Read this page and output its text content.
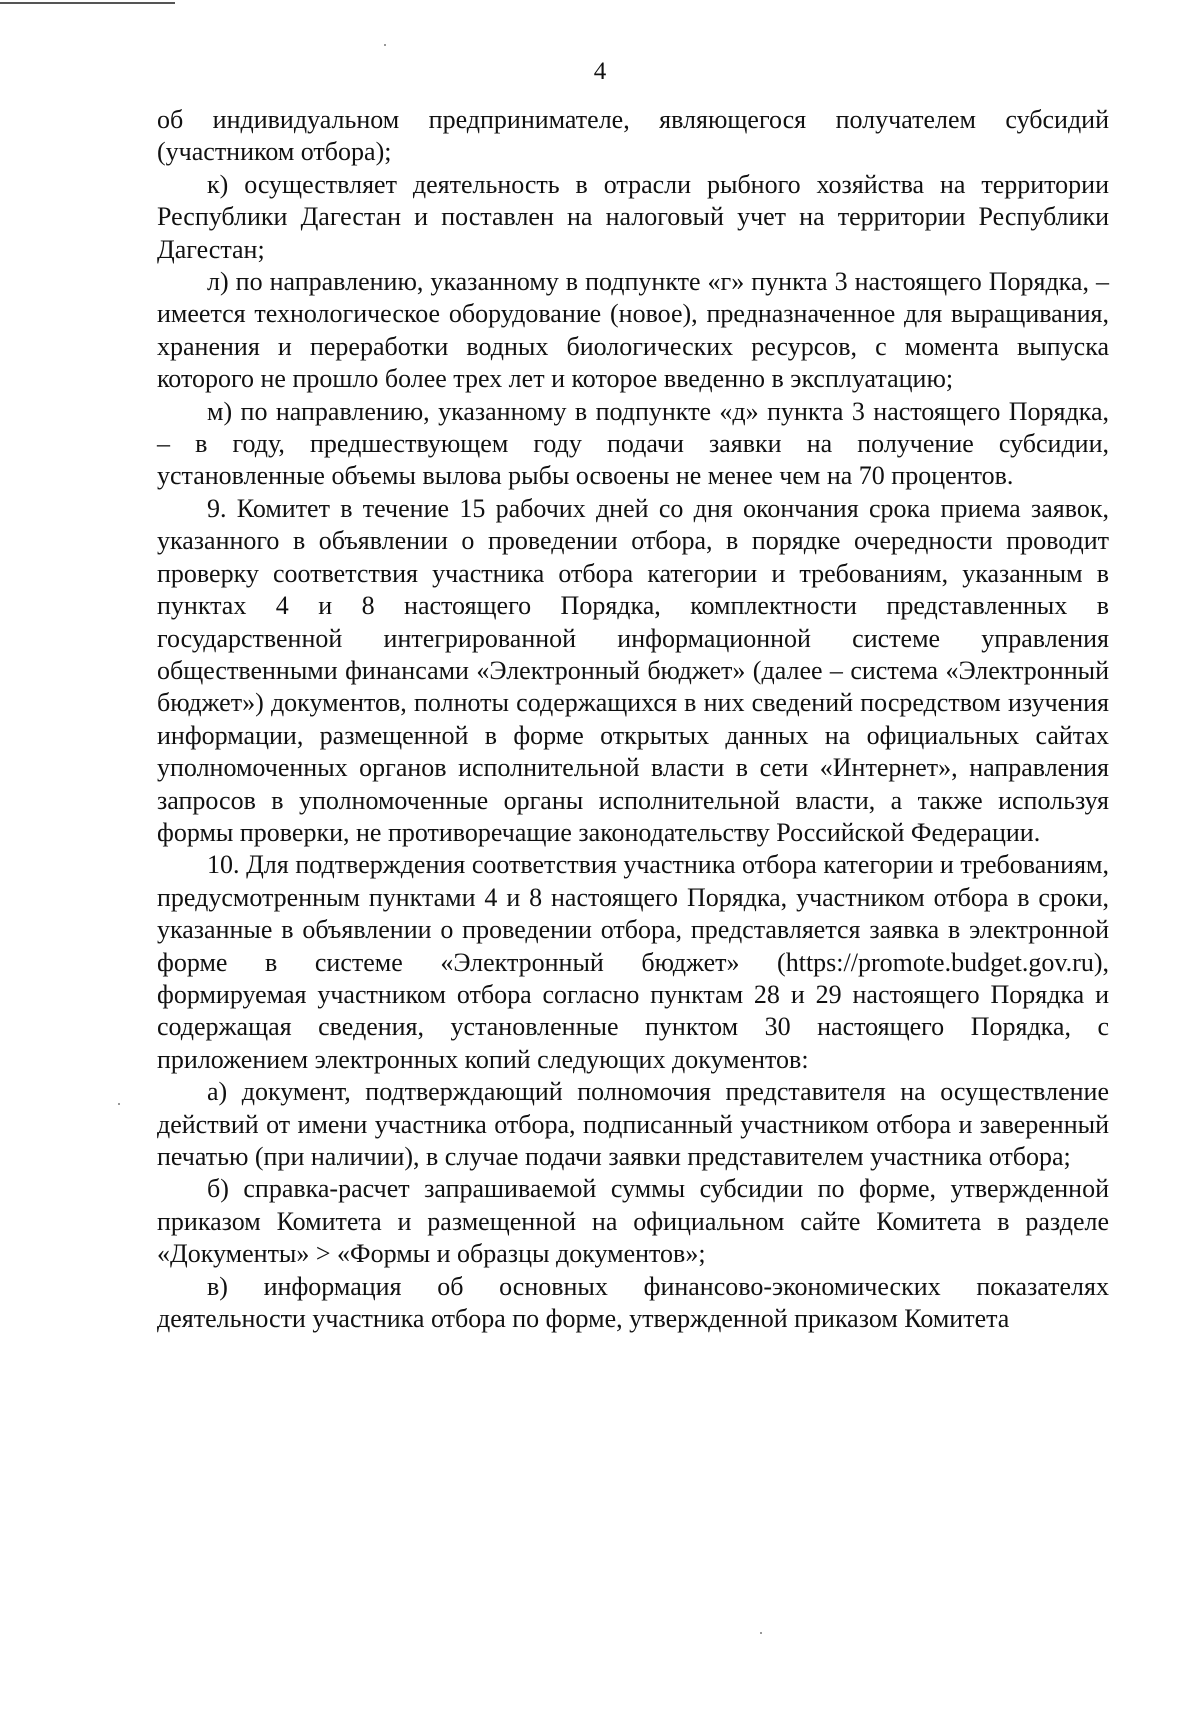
4

об индивидуальном предпринимателе, являющегося получателем субсидий (участником отбора);

к) осуществляет деятельность в отрасли рыбного хозяйства на территории Республики Дагестан и поставлен на налоговый учет на территории Республики Дагестан;

л) по направлению, указанному в подпункте «г» пункта 3 настоящего Порядка, – имеется технологическое оборудование (новое), предназначенное для выращивания, хранения и переработки водных биологических ресурсов, с момента выпуска которого не прошло более трех лет и которое введенно в эксплуатацию;

м) по направлению, указанному в подпункте «д» пункта 3 настоящего Порядка, – в году, предшествующем году подачи заявки на получение субсидии, установленные объемы вылова рыбы освоены не менее чем на 70 процентов.

9. Комитет в течение 15 рабочих дней со дня окончания срока приема заявок, указанного в объявлении о проведении отбора, в порядке очередности проводит проверку соответствия участника отбора категории и требованиям, указанным в пунктах 4 и 8 настоящего Порядка, комплектности представленных в государственной интегрированной информационной системе управления общественными финансами «Электронный бюджет» (далее – система «Электронный бюджет») документов, полноты содержащихся в них сведений посредством изучения информации, размещенной в форме открытых данных на официальных сайтах уполномоченных органов исполнительной власти в сети «Интернет», направления запросов в уполномоченные органы исполнительной власти, а также используя формы проверки, не противоречащие законодательству Российской Федерации.

10. Для подтверждения соответствия участника отбора категории и требованиям, предусмотренным пунктами 4 и 8 настоящего Порядка, участником отбора в сроки, указанные в объявлении о проведении отбора, представляется заявка в электронной форме в системе «Электронный бюджет» (https://promote.budget.gov.ru), формируемая участником отбора согласно пунктам 28 и 29 настоящего Порядка и содержащая сведения, установленные пунктом 30 настоящего Порядка, с приложением электронных копий следующих документов:

а) документ, подтверждающий полномочия представителя на осуществление действий от имени участника отбора, подписанный участником отбора и заверенный печатью (при наличии), в случае подачи заявки представителем участника отбора;

б) справка-расчет запрашиваемой суммы субсидии по форме, утвержденной приказом Комитета и размещенной на официальном сайте Комитета в разделе «Документы» > «Формы и образцы документов»;

в) информация об основных финансово-экономических показателях деятельности участника отбора по форме, утвержденной приказом Комитета
